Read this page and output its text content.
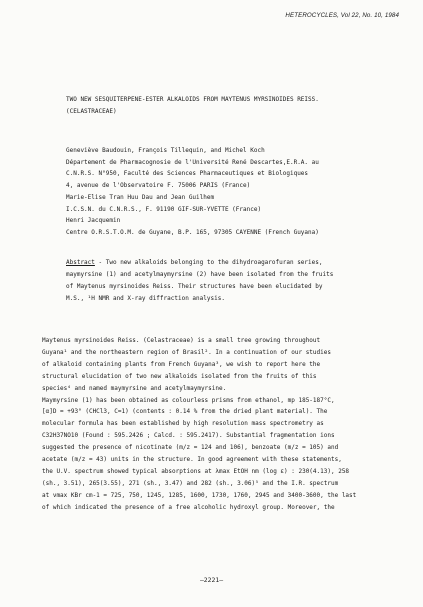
HETEROCYCLES, Vol 22, No. 10, 1984
TWO NEW SESQUITERPENE-ESTER ALKALOIDS FROM MAYTENUS MYRSINOIDES REISS.
(CELASTRACEAE)
Geneviève Baudouin, François Tillequin, and Michel Koch
Département de Pharmacognosie de l'Université René Descartes,E.R.A. au
C.N.R.S. N°950, Faculté des Sciences Pharmaceutiques et Biologiques
4, avenue de l'Observatoire F. 75006 PARIS (France)
Marie-Elise Tran Huu Dau and Jean Guilhem
I.C.S.N. du C.N.R.S., F. 91190 GIF-SUR-YVETTE (France)
Henri Jacquemin
Centre O.R.S.T.O.M. de Guyane, B.P. 165, 97305 CAYENNE (French Guyana)
Abstract - Two new alkaloids belonging to the dihydroagarofuran series,
maymyrsine (1) and acetylmaymyrsine (2) have been isolated from the fruits
of Maytenus myrsinoides Reiss. Their structures have been elucidated by
M.S., ¹H NMR and X-ray diffraction analysis.
Maytenus myrsinoides Reiss. (Celastraceae) is a small tree growing throughout
Guyana¹ and the northeastern region of Brasil². In a continuation of our studies
of alkaloid containing plants from French Guyana³, we wish to report here the
structural elucidation of two new alkaloids isolated from the fruits of this
species⁴ and named maymyrsine and acetylmaymyrsine.
Maymyrsine (1) has been obtained as colourless prisms from ethanol, mp 185-187°C,
[α]D = +93° (CHCl3, C=1) (contents : 0.14 % from the dried plant material). The
molecular formula has been established by high resolution mass spectrometry as
C32H37NO10 (Found : 595.2426 ; Calcd. : 595.2417). Substantial fragmentation ions
suggested the presence of nicotinate (m/z = 124 and 106), benzoate (m/z = 105) and
acetate (m/z = 43) units in the structure. In good agreement with these statements,
the U.V. spectrum showed typical absorptions at λmax EtOH nm (log ε) : 230(4.13), 258
(sh., 3.51), 265(3.55), 271 (sh., 3.47) and 282 (sh., 3.06)⁵ and the I.R. spectrum
at νmax KBr cm-1 = 725, 750, 1245, 1285, 1600, 1730, 1760, 2945 and 3400-3600, the last
of which indicated the presence of a free alcoholic hydroxyl group. Moreover, the
—2221—
